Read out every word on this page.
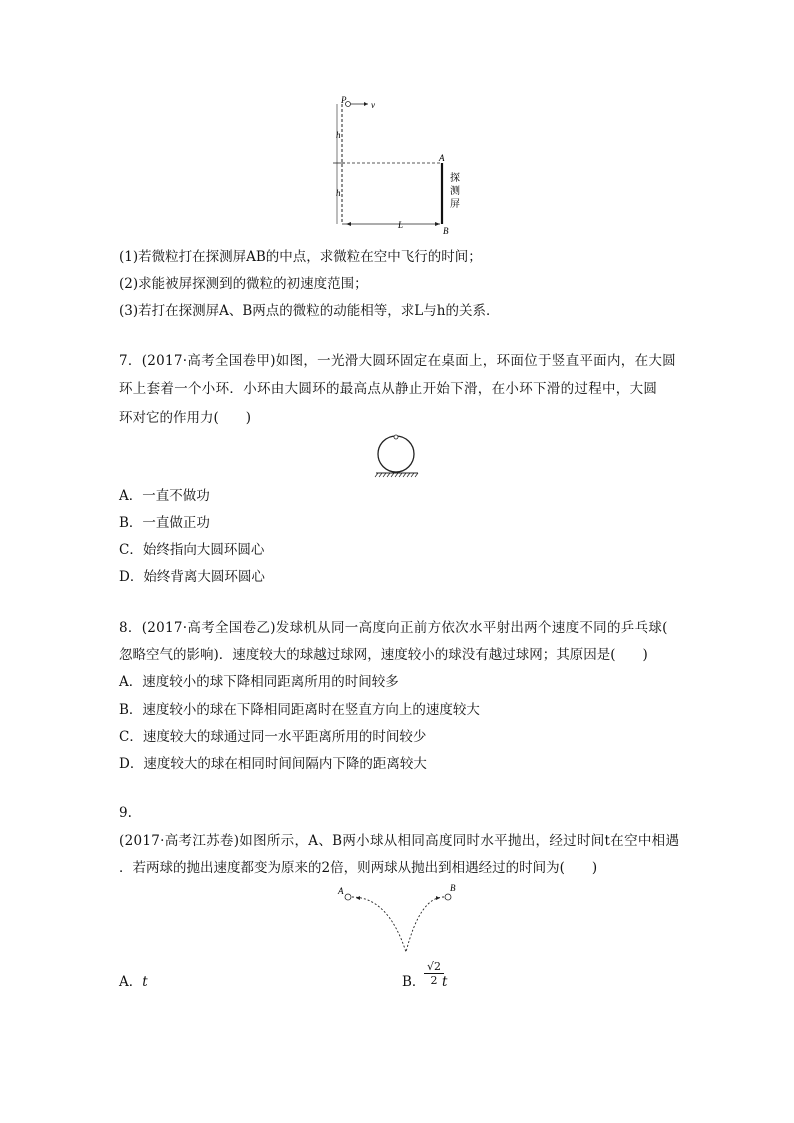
P	v
h
h
A
B
L
探
测
屏
(1)若微粒打在探测屏AB的中点，求微粒在空中飞行的时间；
(2)求能被屏探测到的微粒的初速度范围；
(3)若打在探测屏A、B两点的微粒的动能相等，求L与h的关系．
7．(2017·高考全国卷甲)如图，一光滑大圆环固定在桌面上，环面位于竖直平面内，在大圆
环上套着一个小环．小环由大圆环的最高点从静止开始下滑，在小环下滑的过程中，大圆
环对它的作用力(　　)
A．一直不做功
B．一直做正功
C．始终指向大圆环圆心
D．始终背离大圆环圆心
8．(2017·高考全国卷乙)发球机从同一高度向正前方依次水平射出两个速度不同的乒乓球(
忽略空气的影响)．速度较大的球越过球网，速度较小的球没有越过球网；其原因是(　　)
A．速度较小的球下降相同距离所用的时间较多
B．速度较小的球在下降相同距离时在竖直方向上的速度较大
C．速度较大的球通过同一水平距离所用的时间较少
D．速度较大的球在相同时间间隔内下降的距离较大
9.
(2017·高考江苏卷)如图所示，A、B两小球从相同高度同时水平抛出，经过时间t在空中相遇
．若两球的抛出速度都变为原来的2倍，则两球从抛出到相遇经过的时间为(　　)
A	B
A．t	B．
$\frac{√2}{2}$
t
